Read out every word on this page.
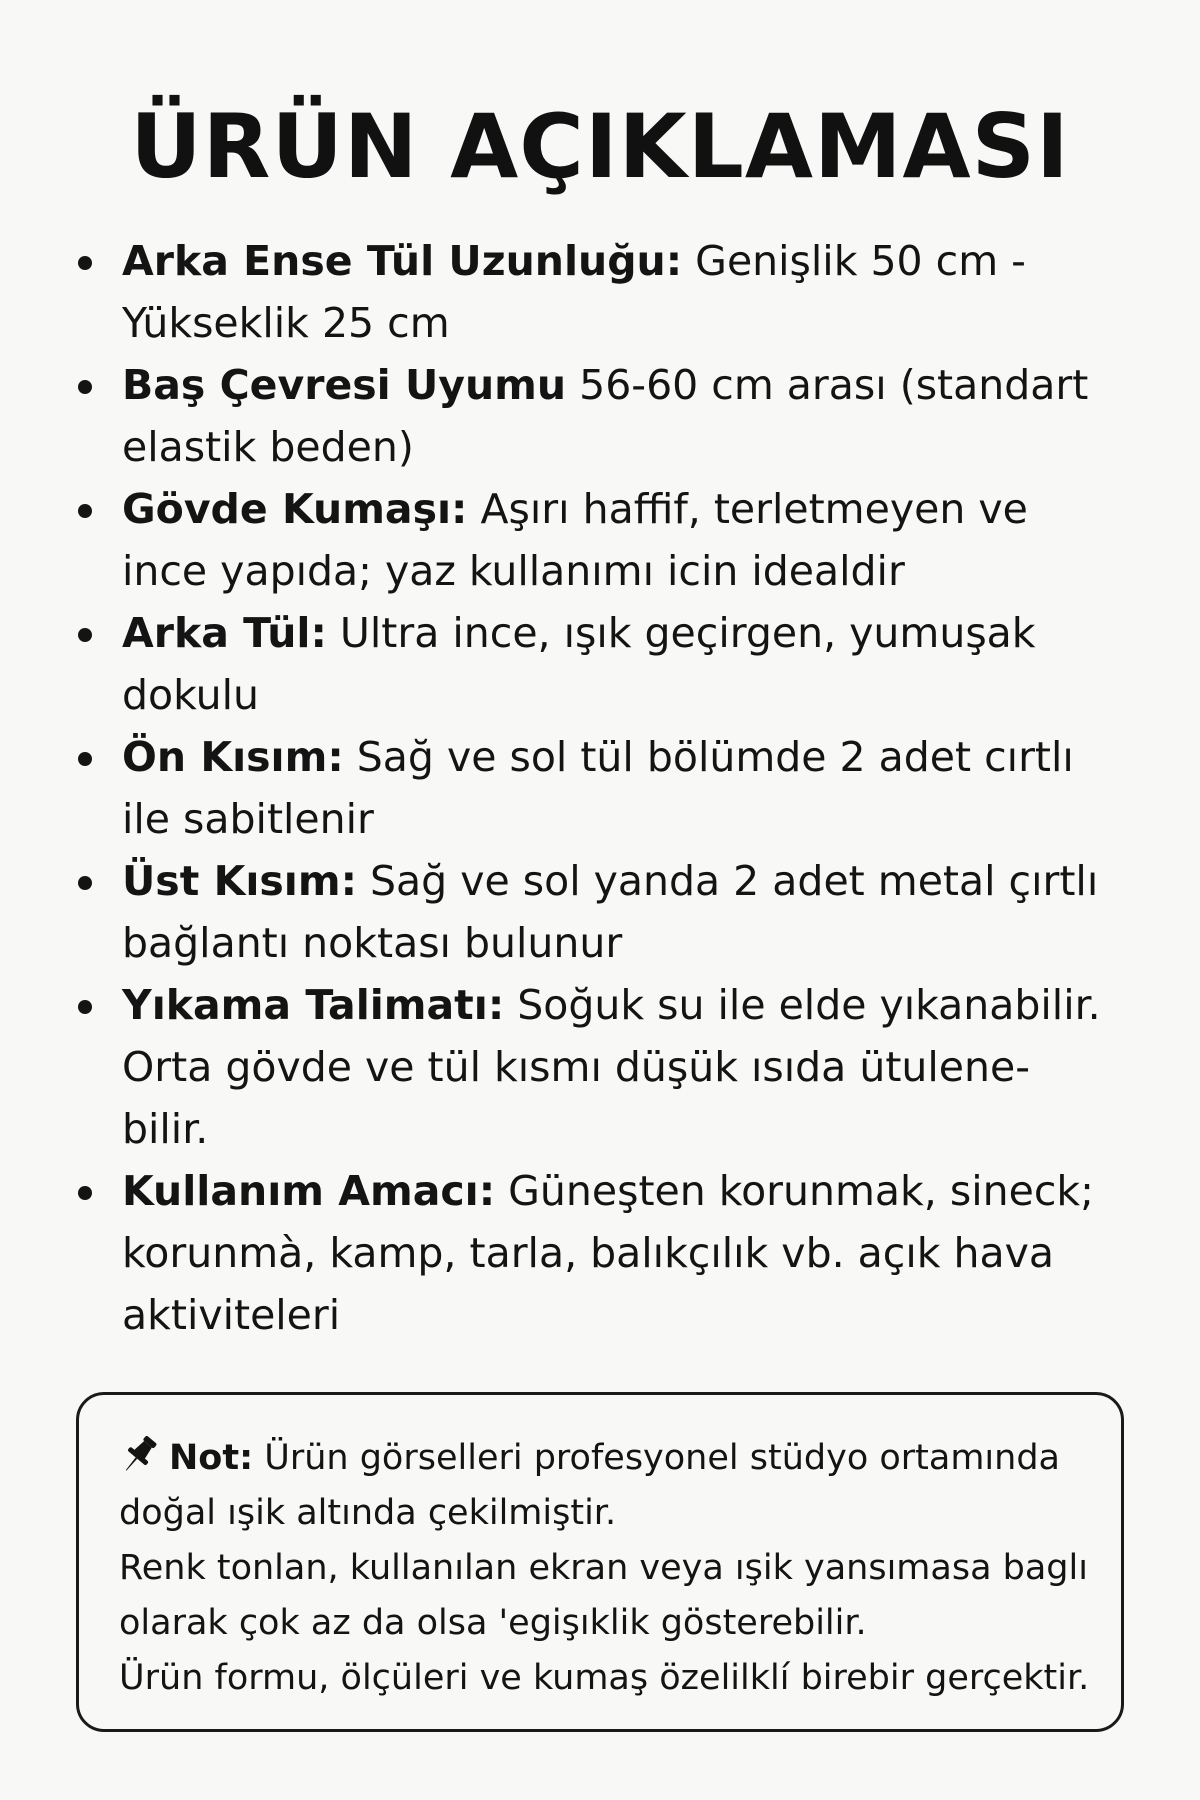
ÜRÜN AÇIKLAMASI
Arka Ense Tül Uzunluğu: Genişlik 50 cm - Yükseklik 25 cm
Baş Çevresi Uyumu 56-60 cm arası (standart elastik beden)
Gövde Kumaşı: Aşırı haffif, terletmeyen ve ince yapıda; yaz kullanımı icin idealdir
Arka Tül: Ultra ince, ışık geçirgen, yumuşak dokulu
Ön Kısım: Sağ ve sol tül bölümde 2 adet cırtlı ile sabitlenir
Üst Kısım: Sağ ve sol yanda 2 adet metal çırtlı bağlantı noktası bulunur
Yıkama Talimatı: Soğuk su ile elde yıkanabilir. Orta gövde ve tül kısmı düşük ısıda ütulene-bilir.
Kullanım Amacı: Güneşten korunmak, sineck; korunmà, kamp, tarla, balıkçılık vb. açık hava aktiviteleri

Not: Ürün görselleri profesyonel stüdyo ortamında doğal ışik altında çekilmiştir.

Renk tonlan, kullanılan ekran veya ışik yansımasa baglı olarak çok az da olsa 'egişıklik gösterebilir.

Ürün formu, ölçüleri ve kumaş özelilklí birebir gerçektir.
